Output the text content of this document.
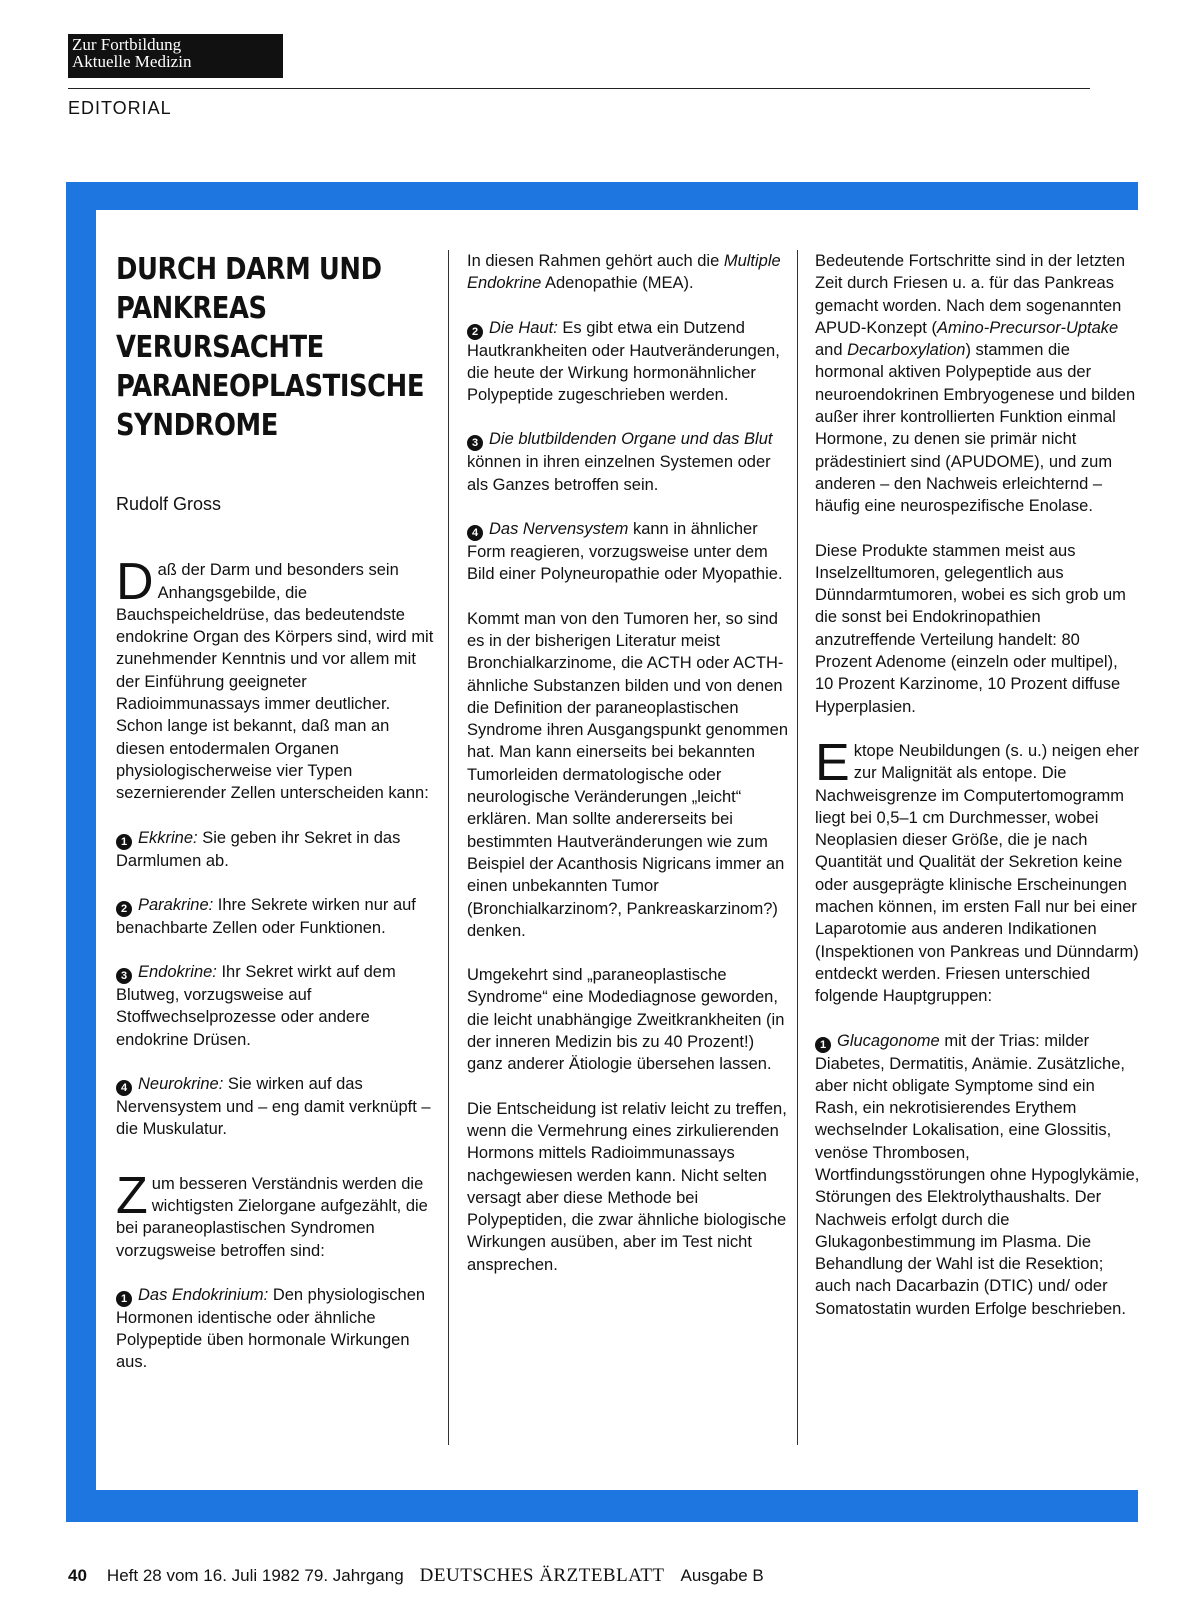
Zur Fortbildung
Aktuelle Medizin
EDITORIAL
DURCH DARM UND PANKREAS VERURSACHTE PARANEOPLASTISCHE SYNDROME
Rudolf Gross

Daß der Darm und besonders sein Anhangsgebilde, die Bauchspeicheldrüse, das bedeutendste endokrine Organ des Körpers sind, wird mit zunehmender Kenntnis und vor allem mit der Einführung geeigneter Radioimmunassays immer deutlicher. Schon lange ist bekannt, daß man an diesen entodermalen Organen physiologischerweise vier Typen sezernierender Zellen unterscheiden kann:

1 Ekkrine: Sie geben ihr Sekret in das Darmlumen ab.

2 Parakrine: Ihre Sekrete wirken nur auf benachbarte Zellen oder Funktionen.

3 Endokrine: Ihr Sekret wirkt auf dem Blutweg, vorzugsweise auf Stoffwechselprozesse oder andere endokrine Drüsen.

4 Neurokrine: Sie wirken auf das Nervensystem und – eng damit verknüpft – die Muskulatur.

Zum besseren Verständnis werden die wichtigsten Zielorgane aufgezählt, die bei paraneoplastischen Syndromen vorzugsweise betroffen sind:

1 Das Endokrinium: Den physiologischen Hormonen identische oder ähnliche Polypeptide üben hormonale Wirkungen aus.

In diesen Rahmen gehört auch die Multiple Endokrine Adenopathie (MEA).

2 Die Haut: Es gibt etwa ein Dutzend Hautkrankheiten oder Hautveränderungen, die heute der Wirkung hormonähnlicher Polypeptide zugeschrieben werden.

3 Die blutbildenden Organe und das Blut können in ihren einzelnen Systemen oder als Ganzes betroffen sein.

4 Das Nervensystem kann in ähnlicher Form reagieren, vorzugsweise unter dem Bild einer Polyneuropathie oder Myopathie.

Kommt man von den Tumoren her, so sind es in der bisherigen Literatur meist Bronchialkarzinome, die ACTH oder ACTH-ähnliche Substanzen bilden und von denen die Definition der paraneoplastischen Syndrome ihren Ausgangspunkt genommen hat. Man kann einerseits bei bekannten Tumorleiden dermatologische oder neurologische Veränderungen „leicht“ erklären. Man sollte andererseits bei bestimmten Hautveränderungen wie zum Beispiel der Acanthosis Nigricans immer an einen unbekannten Tumor (Bronchialkarzinom?, Pankreaskarzinom?) denken.

Umgekehrt sind „paraneoplastische Syndrome“ eine Modediagnose geworden, die leicht unabhängige Zweitkrankheiten (in der inneren Medizin bis zu 40 Prozent!) ganz anderer Ätiologie übersehen lassen.

Die Entscheidung ist relativ leicht zu treffen, wenn die Vermehrung eines zirkulierenden Hormons mittels Radioimmunassays nachgewiesen werden kann. Nicht selten versagt aber diese Methode bei Polypeptiden, die zwar ähnliche biologische Wirkungen ausüben, aber im Test nicht ansprechen.

Bedeutende Fortschritte sind in der letzten Zeit durch Friesen u. a. für das Pankreas gemacht worden. Nach dem sogenannten APUD-Konzept (Amino-Precursor-Uptake and Decarboxylation) stammen die hormonal aktiven Polypeptide aus der neuroendokrinen Embryogenese und bilden außer ihrer kontrollierten Funktion einmal Hormone, zu denen sie primär nicht prädestiniert sind (APUDOME), und zum anderen – den Nachweis erleichternd – häufig eine neurospezifische Enolase.

Diese Produkte stammen meist aus Inselzelltumoren, gelegentlich aus Dünndarmtumoren, wobei es sich grob um die sonst bei Endokrinopathien anzutreffende Verteilung handelt: 80 Prozent Adenome (einzeln oder multipel), 10 Prozent Karzinome, 10 Prozent diffuse Hyperplasien.

Ektope Neubildungen (s. u.) neigen eher zur Malignität als entope. Die Nachweisgrenze im Computertomogramm liegt bei 0,5–1 cm Durchmesser, wobei Neoplasien dieser Größe, die je nach Quantität und Qualität der Sekretion keine oder ausgeprägte klinische Erscheinungen machen können, im ersten Fall nur bei einer Laparotomie aus anderen Indikationen (Inspektionen von Pankreas und Dünndarm) entdeckt werden. Friesen unterschied folgende Hauptgruppen:

1 Glucagonome mit der Trias: milder Diabetes, Dermatitis, Anämie. Zusätzliche, aber nicht obligate Symptome sind ein Rash, ein nekrotisierendes Erythem wechselnder Lokalisation, eine Glossitis, venöse Thrombosen, Wortfindungsstörungen ohne Hypoglykämie, Störungen des Elektrolythaushalts. Der Nachweis erfolgt durch die Glukagonbestimmung im Plasma. Die Behandlung der Wahl ist die Resektion; auch nach Dacarbazin (DTIC) und/ oder Somatostatin wurden Erfolge beschrieben.

40 Heft 28 vom 16. Juli 1982 79. Jahrgang DEUTSCHES ÄRZTEBLATT Ausgabe B
